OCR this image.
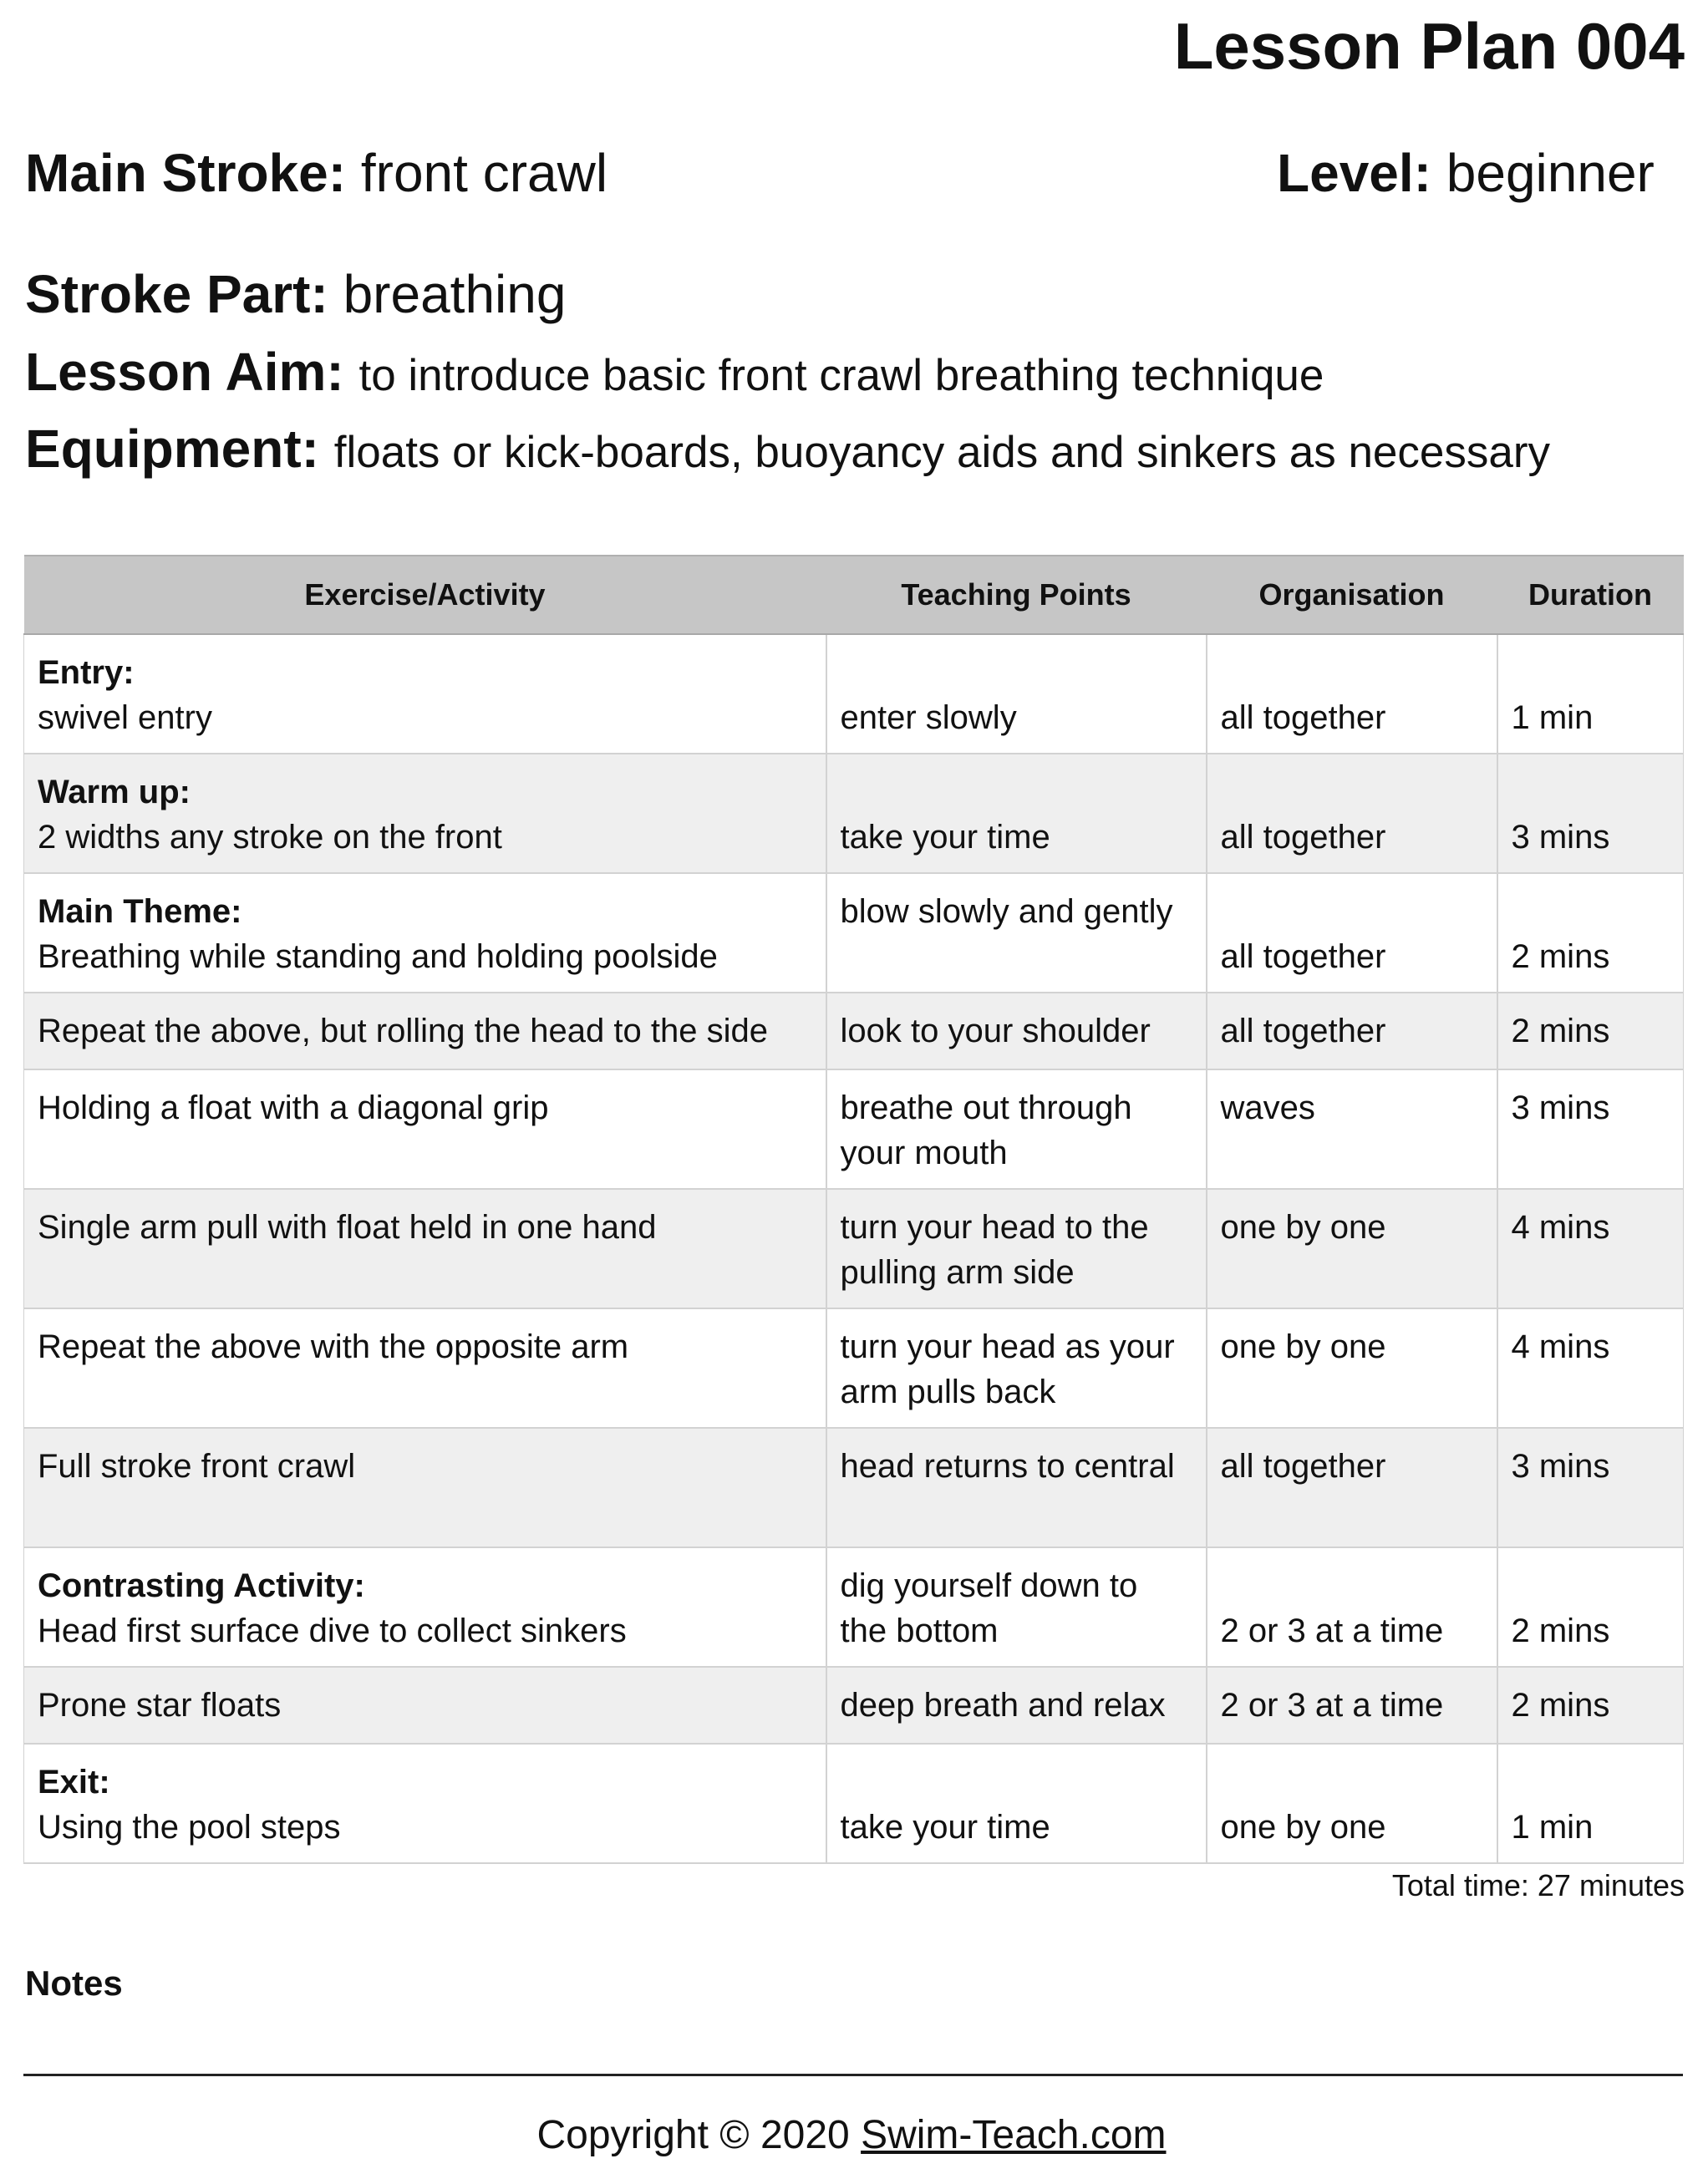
Lesson Plan 004
Main Stroke: front crawl	Level: beginner
Stroke Part: breathing
Lesson Aim: to introduce basic front crawl breathing technique
Equipment: floats or kick-boards, buoyancy aids and sinkers as necessary
Exercise/Activity	Teaching Points	Organisation	Duration

Entry:
swivel entry	enter slowly	all together	1 min

Warm up:
2 widths any stroke on the front	take your time	all together	3 mins

Main Theme:
Breathing while standing and holding poolside	blow slowly and gently	all together	2 mins
Repeat the above, but rolling the head to the side	look to your shoulder	all together	2 mins
Holding a float with a diagonal grip	breathe out through your mouth	waves	3 mins
Single arm pull with float held in one hand	turn your head to the pulling arm side	one by one	4 mins
Repeat the above with the opposite arm	turn your head as your arm pulls back	one by one	4 mins
Full stroke front crawl	head returns to central	all together	3 mins

Contrasting Activity:
Head first surface dive to collect sinkers	dig yourself down to the bottom	2 or 3 at a time	2 mins
Prone star floats	deep breath and relax	2 or 3 at a time	2 mins

Exit:
Using the pool steps	take your time	one by one	1 min
Total time: 27 minutes
Notes
Copyright © 2020 Swim-Teach.com
